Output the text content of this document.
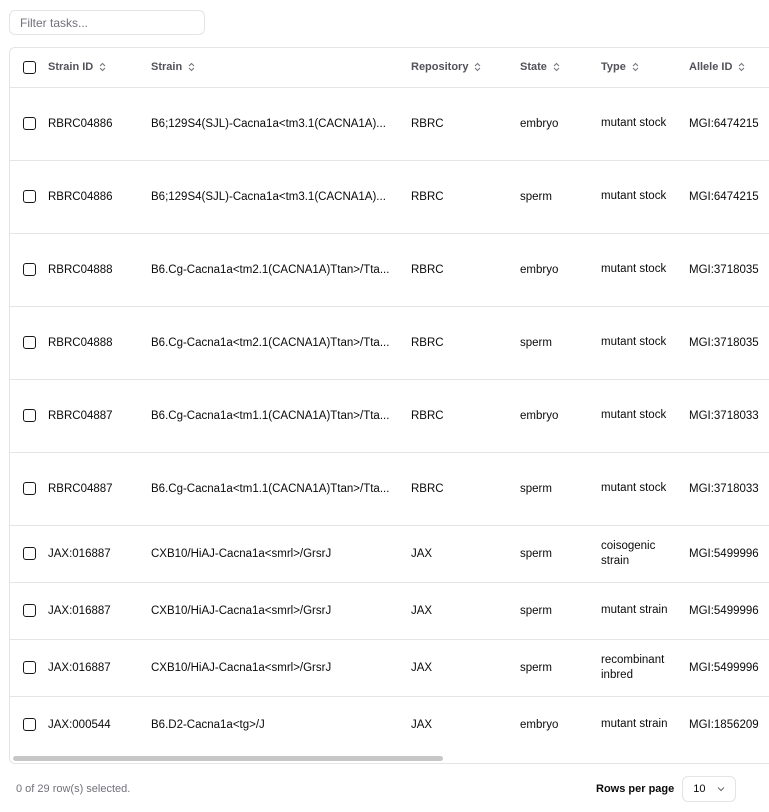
Filter tasks...

	Strain ID	Strain	Repository	State	Type	Allele ID

	RBRC04886	B6;129S4(SJL)-Cacna1a<tm3.1(CACNA1A)...	RBRC	embryo	mutant stock	MGI:6474215

	RBRC04886	B6;129S4(SJL)-Cacna1a<tm3.1(CACNA1A)...	RBRC	sperm	mutant stock	MGI:6474215

	RBRC04888	B6.Cg-Cacna1a<tm2.1(CACNA1A)Ttan>/Tta...	RBRC	embryo	mutant stock	MGI:3718035

	RBRC04888	B6.Cg-Cacna1a<tm2.1(CACNA1A)Ttan>/Tta...	RBRC	sperm	mutant stock	MGI:3718035

	RBRC04887	B6.Cg-Cacna1a<tm1.1(CACNA1A)Ttan>/Tta...	RBRC	embryo	mutant stock	MGI:3718033

	RBRC04887	B6.Cg-Cacna1a<tm1.1(CACNA1A)Ttan>/Tta...	RBRC	sperm	mutant stock	MGI:3718033

	JAX:016887	CXB10/HiAJ-Cacna1a<smrl>/GrsrJ	JAX	sperm	coisogenic strain	MGI:5499996

	JAX:016887	CXB10/HiAJ-Cacna1a<smrl>/GrsrJ	JAX	sperm	mutant strain	MGI:5499996

	JAX:016887	CXB10/HiAJ-Cacna1a<smrl>/GrsrJ	JAX	sperm	recombinant inbred	MGI:5499996

	JAX:000544	B6.D2-Cacna1a<tg>/J	JAX	embryo	mutant strain	MGI:1856209
0 of 29 row(s) selected.	Rows per page 10
